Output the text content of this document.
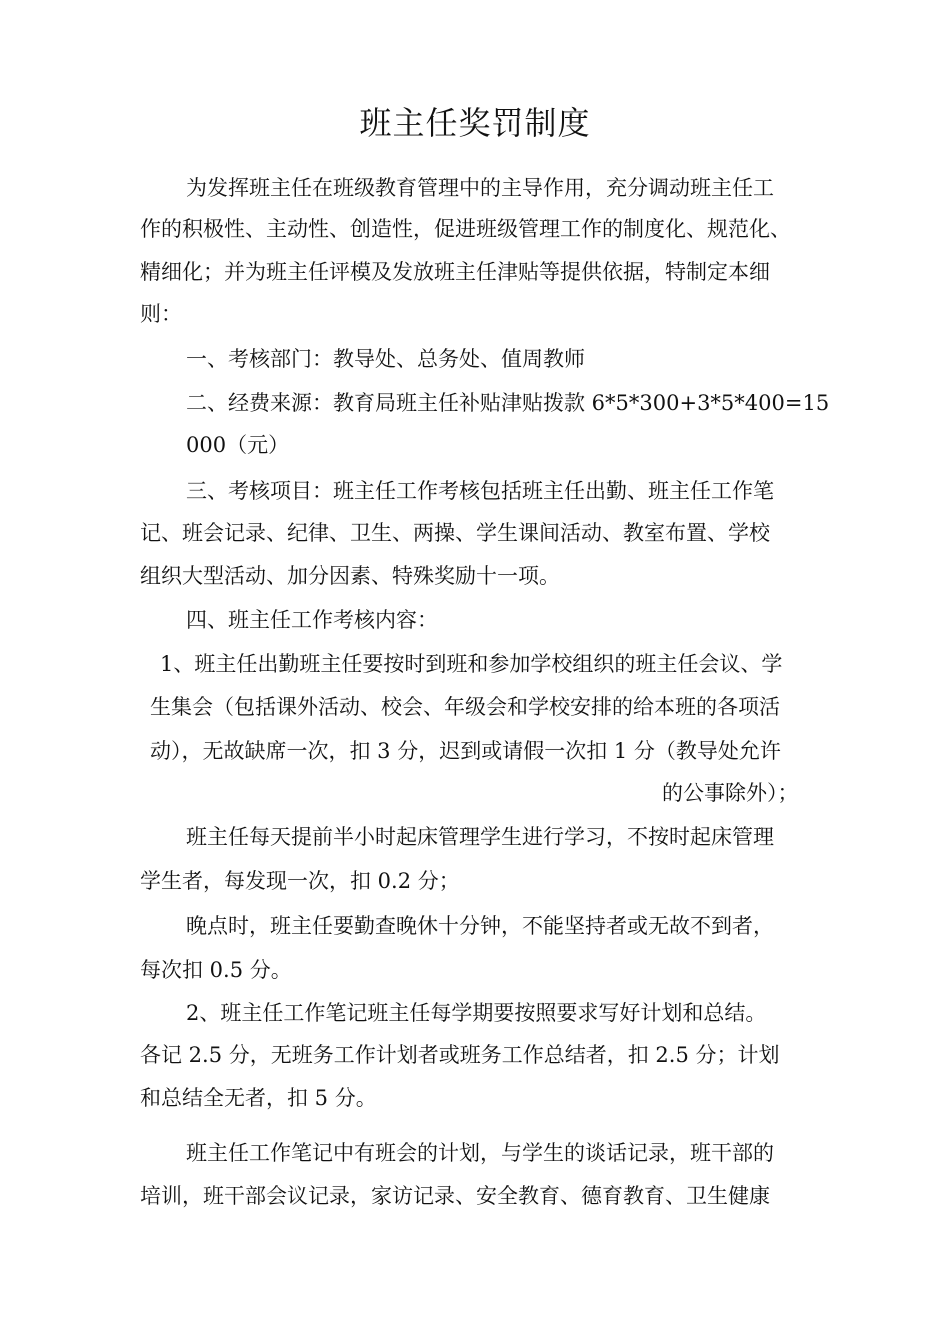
班主任奖罚制度
为发挥班主任在班级教育管理中的主导作用，充分调动班主任工
作的积极性、主动性、创造性，促进班级管理工作的制度化、规范化、
精细化；并为班主任评模及发放班主任津贴等提供依据，特制定本细
则：
一、考核部门：教导处、总务处、值周教师
二、经费来源：教育局班主任补贴津贴拨款 6*5*300+3*5*400=15
000（元）
三、考核项目：班主任工作考核包括班主任出勤、班主任工作笔
记、班会记录、纪律、卫生、两操、学生课间活动、教室布置、学校
组织大型活动、加分因素、特殊奖励十一项。
四、班主任工作考核内容：
1、班主任出勤班主任要按时到班和参加学校组织的班主任会议、学
生集会（包括课外活动、校会、年级会和学校安排的给本班的各项活
动），无故缺席一次，扣 3 分，迟到或请假一次扣 1 分（教导处允许
的公事除外）；
班主任每天提前半小时起床管理学生进行学习，不按时起床管理
学生者，每发现一次，扣 0.2 分；
晚点时，班主任要勤查晚休十分钟，不能坚持者或无故不到者，
每次扣 0.5 分。
2、班主任工作笔记班主任每学期要按照要求写好计划和总结。
各记 2.5 分，无班务工作计划者或班务工作总结者，扣 2.5 分；计划
和总结全无者，扣 5 分。
班主任工作笔记中有班会的计划，与学生的谈话记录，班干部的
培训，班干部会议记录，家访记录、安全教育、德育教育、卫生健康
